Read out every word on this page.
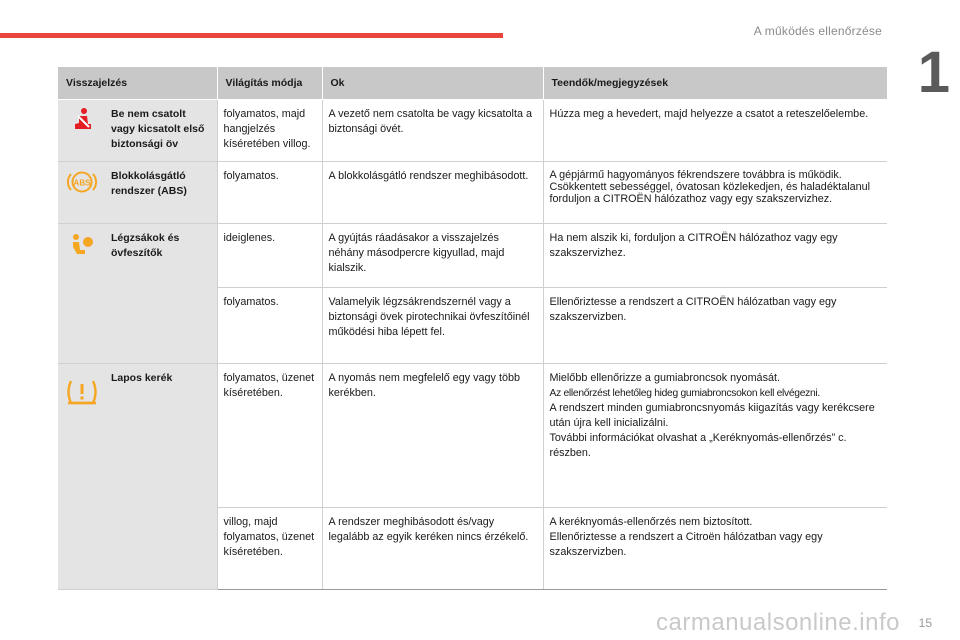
A működés ellenőrzése
1
Visszajelzés		Világítás módja	Ok	Teendők/megjegyzések
	Be nem csatolt vagy kicsatolt első biztonsági öv	folyamatos, majd hangjelzés kíséretében villog.	A vezető nem csatolta be vagy kicsatolta a biztonsági övét.	Húzza meg a hevedert, majd helyezze a csatot a reteszelőelembe.

ABS	Blokkolásgátló rendszer (ABS)	folyamatos.	A blokkolásgátló rendszer meghibásodott.	A gépjármű hagyományos fékrendszere továbbra is működik. Csökkentett sebességgel, óvatosan közlekedjen, és haladéktalanul forduljon a CITROËN hálózathoz vagy egy szakszervizhez.

	Légzsákok és övfeszítők	ideiglenes.	A gyújtás ráadásakor a visszajelzés néhány másodpercre kigyullad, majd kialszik.	Ha nem alszik ki, forduljon a CITROËN hálózathoz vagy egy szakszervizhez.

		folyamatos.	Valamelyik légzsákrendszernél vagy a biztonsági övek pirotechnikai övfeszítőinél működési hiba lépett fel.	Ellenőriztesse a rendszert a CITROËN hálózatban vagy egy szakszervizben.

	Lapos kerék	folyamatos, üzenet kíséretében.	A nyomás nem megfelelő egy vagy több kerékben.	Mielőbb ellenőrizze a gumiabroncsok nyomását.
Az ellenőrzést lehetőleg hideg gumiabroncsokon kell elvégezni.
A rendszert minden gumiabroncsnyomás kiigazítás vagy kerékcsere után újra kell inicializálni.
További információkat olvashat a „Keréknyomás-ellenőrzés” c. részben.

		villog, majd folyamatos, üzenet kíséretében.	A rendszer meghibásodott és/vagy legalább az egyik keréken nincs érzékelő.	A keréknyomás-ellenőrzés nem biztosított.
Ellenőriztesse a rendszert a Citroën hálózatban vagy egy szakszervizben.
carmanualsonline.info 15
